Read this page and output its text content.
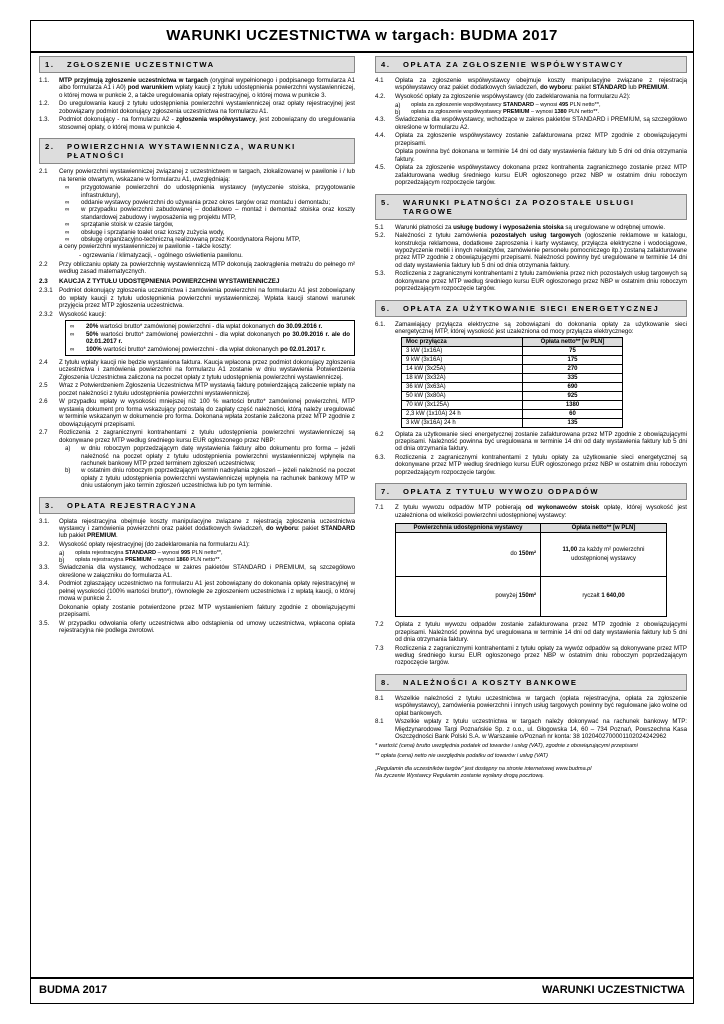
WARUNKI UCZESTNICTWA w targach: BUDMA 2017
1.	ZGŁOSZENIE UCZESTNICTWA
1.1.	MTP przyjmują zgłoszenie uczestnictwa w targach (oryginał wypełnionego i podpisanego formularza A1 albo formularza A1 i A0) pod warunkiem wpłaty kaucji z tytułu udostępnienia powierzchni wystawienniczej, o której mowa w punkcie 2, a także uregulowania opłaty rejestracyjnej, o której mowa w punkcie 3.
1.2.	Do uregulowania kaucji z tytułu udostępnienia powierzchni wystawienniczej oraz opłaty rejestracyjnej jest zobowiązany podmiot dokonujący zgłoszenia uczestnictwa na formularzu A1.
1.3.	Podmiot dokonujący - na formularzu A2 - zgłoszenia współwystawcy, jest zobowiązany do uregulowania stosownej opłaty, o której mowa w punkcie 4.
2.	POWIERZCHNIA WYSTAWIENNICZA, WARUNKI PŁATNOŚCI
2.1	Ceny powierzchni wystawienniczej związanej z uczestnictwem w targach, zlokalizowanej w pawilonie i / lub na terenie otwartym, wskazane w formularzu A1, uwzględniają:
∞	przygotowanie powierzchni do udostępnienia wystawcy (wytyczenie stoiska, przygotowanie infrastruktury),
∞	oddanie wystawcy powierzchni do używania przez okres targów oraz montażu i demontażu;
∞	w przypadku powierzchni zabudowanej – dodatkowo – montaż i demontaż stoiska oraz koszty standardowej zabudowy i wyposażenia wg projektu MTP,
∞	sprzątanie stoisk w czasie targów,
∞	obsługę i sprzątanie toalet oraz koszty zużycia wody,
∞	obsługę organizacyjno-techniczną realizowaną przez Koordynatora Rejonu MTP,
a ceny powierzchni wystawienniczej w pawilonie - także koszty:
- ogrzewania / klimatyzacji, - ogólnego oświetlenia pawilonu.
2.2	Przy obliczaniu opłaty za powierzchnię wystawienniczą MTP dokonują zaokrąglenia metrażu do pełnego m² według zasad matematycznych.
2.3	KAUCJA Z TYTUŁU UDOSTĘPNIENIA POWIERZCHNI WYSTAWIENNICZEJ
2.3.1	Podmiot dokonujący zgłoszenia uczestnictwa i zamówienia powierzchni na formularzu A1 jest zobowiązany do wpłaty kaucji z tytułu udostępnienia powierzchni wystawienniczej. Wpłata kaucji stanowi warunek przyjęcia przez MTP zgłoszenia uczestnictwa.
2.3.2	Wysokość kaucji:
∞	20% wartości brutto* zamówionej powierzchni - dla wpłat dokonanych do 30.09.2016 r.
∞	50% wartości brutto* zamówionej powierzchni - dla wpłat dokonanych po 30.09.2016 r. ale do 02.01.2017 r.
∞	100% wartości brutto* zamówionej powierzchni - dla wpłat dokonanych po 02.01.2017 r.
2.4	Z tytułu wpłaty kaucji nie będzie wystawiona faktura. Kaucja wpłacona przez podmiot dokonujący zgłoszenia uczestnictwa i zamówienia powierzchni na formularzu A1 zostanie w dniu wystawienia Potwierdzenia Zgłoszenia Uczestnictwa zaliczona na poczet opłaty z tytułu udostępnienia powierzchni wystawienniczej.
2.5	Wraz z Potwierdzeniem Zgłoszenia Uczestnictwa MTP wystawią fakturę potwierdzającą zaliczenie wpłaty na poczet należności z tytułu udostępnienia powierzchni wystawienniczej.
2.6	W przypadku wpłaty w wysokości mniejszej niż 100 % wartości brutto* zamówionej powierzchni, MTP wystawią dokument pro forma wskazujący pozostałą do zapłaty część należności, którą należy uregulować w terminie wskazanym w dokumencie pro forma. Dokonana wpłata zostanie zaliczona przez MTP zgodnie z obowiązującymi przepisami.
2.7	Rozliczenia z zagranicznymi kontrahentami z tytułu udostępnienia powierzchni wystawienniczej są dokonywane przez MTP według średniego kursu EUR ogłoszonego przez NBP:
a)	w dniu roboczym poprzedzającym datę wystawienia faktury albo dokumentu pro forma – jeżeli należność na poczet opłaty z tytułu udostępnienia powierzchni wystawienniczej wpłynęła na rachunek bankowy MTP przed terminem zgłoszeń uczestnictwa;
b)	w ostatnim dniu roboczym poprzedzającym termin nadsyłania zgłoszeń – jeżeli należność na poczet opłaty z tytułu udostępnienia powierzchni wystawienniczej wpłynęła na rachunek bankowy MTP w dniu ustalonym jako termin zgłoszeń uczestnictwa lub po tym terminie.
3.	OPŁATA REJESTRACYJNA
3.1.	Opłata rejestracyjna obejmuje koszty manipulacyjne związane z rejestracją zgłoszenia uczestnictwa wystawcy i zamówienia powierzchni oraz pakiet dodatkowych świadczeń, do wyboru: pakiet STANDARD lub pakiet PREMIUM.
3.2.	Wysokość opłaty rejestracyjnej (do zadeklarowania na formularzu A1):
a)	opłata rejestracyjna STANDARD – wynosi 995 PLN netto**,
b)	opłata rejestracyjna PREMIUM – wynosi 1860 PLN netto**.
3.3.	Świadczenia dla wystawcy, wchodzące w zakres pakietów STANDARD i PREMIUM, są szczegółowo określone w załączniku do formularza A1.
3.4.	Podmiot zgłaszający uczestnictwo na formularzu A1 jest zobowiązany do dokonania opłaty rejestracyjnej w pełnej wysokości (100% wartości brutto*), równolegle ze zgłoszeniem uczestnictwa i z wpłatą kaucji, o której mowa w punkcie 2.
Dokonanie opłaty zostanie potwierdzone przez MTP wystawieniem faktury zgodnie z obowiązującymi przepisami.
3.5.	W przypadku odwołania oferty uczestnictwa albo odstąpienia od umowy uczestnictwa, wpłacona opłata rejestracyjna nie podlega zwrotowi.
4.	OPŁATA ZA ZGŁOSZENIE WSPÓŁWYSTAWCY
4.1	Opłata za zgłoszenie współwystawcy obejmuje koszty manipulacyjne związane z rejestracją współwystawcy oraz pakiet dodatkowych świadczeń, do wyboru: pakiet STANDARD lub PREMIUM.
4.2.	Wysokość opłaty za zgłoszenie współwystawcy (do zadeklarowania na formularzu A2):
a)	opłata za zgłoszenie współwystawcy STANDARD – wynosi 495 PLN netto**,
b)	opłata za zgłoszenie współwystawcy PREMIUM – wynosi 1380 PLN netto**.
4.3.	Świadczenia dla współwystawcy, wchodzące w zakres pakietów STANDARD i PREMIUM, są szczegółowo określone w formularzu A2.
4.4.	Opłata za zgłoszenie współwystawcy zostanie zafakturowana przez MTP zgodnie z obowiązującymi przepisami.
Opłata powinna być dokonana w terminie 14 dni od daty wystawienia faktury lub 5 dni od dnia otrzymania faktury.
4.5.	Opłata za zgłoszenie współwystawcy dokonana przez kontrahenta zagranicznego zostanie przez MTP zafakturowana według średniego kursu EUR ogłoszonego przez NBP w ostatnim dniu roboczym poprzedzającym rozpoczęcie targów.
5.	WARUNKI PŁATNOŚCI ZA POZOSTAŁE USŁUGI TARGOWE
5.1	Warunki płatności za usługę budowy i wyposażenia stoiska są uregulowane w odrębnej umowie.
5.2.	Należności z tytułu zamówienia pozostałych usług targowych (ogłoszenie reklamowe w katalogu, konstrukcja reklamowa, dodatkowe zaproszenia i karty wystawcy, przyłącza elektryczne i wodociągowe, wypożyczenie mebli i innych rekwizytów, zamówienie personelu pomocniczego itp.) zostaną zafakturowane przez MTP zgodnie z obowiązującymi przepisami. Należności powinny być uregulowane w terminie 14 dni od daty wystawienia faktury lub 5 dni od dnia otrzymania faktury.
5.3.	Rozliczenia z zagranicznymi kontrahentami z tytułu zamówienia przez nich pozostałych usług targowych są dokonywane przez MTP według średniego kursu EUR ogłoszonego przez NBP w ostatnim dniu roboczym poprzedzającym rozpoczęcie targów.
6.	OPŁATA ZA UŻYTKOWANIE SIECI ENERGETYCZNEJ
6.1.	Zamawiający przyłącza elektryczne są zobowiązani do dokonania opłaty za użytkowanie sieci energetycznej MTP, której wysokość jest uzależniona od mocy przyłącza elektrycznego:
Moc przyłącza	Opłata netto** [w PLN]
3 kW (1x16A)	75
9 kW (3x16A)	175
14 kW (3x25A)	270
18 kW (3x32A)	335
36 kW (3x63A)	690
50 kW (3x80A)	925
70 kW (3x125A)	1380
2,3 kW (1x10A) 24 h	60
3 kW (3x16A) 24 h	135
6.2	Opłata za użytkowanie sieci energetycznej zostanie zafakturowana przez MTP zgodnie z obowiązującymi przepisami. Należność powinna być uregulowana w terminie 14 dni od daty wystawienia faktury lub 5 dni od dnia otrzymania faktury.
6.3.	Rozliczenia z zagranicznymi kontrahentami z tytułu opłaty za użytkowanie sieci energetycznej są dokonywane przez MTP według średniego kursu EUR ogłoszonego przez NBP w ostatnim dniu roboczym poprzedzającym rozpoczęcie targów.
7.	OPŁATA Z TYTUŁU WYWOZU ODPADÓW
7.1	Z tytułu wywozu odpadów MTP pobierają od wykonawców stoisk opłatę, której wysokość jest uzależniona od wielkości powierzchni udostępnionej wystawcy:
Powierzchnia udostępniona wystawcy	Opłata netto** [w PLN]
do 150m²	11,00 za każdy m² powierzchni udostępnionej wystawcy
powyżej 150m²	ryczałt 1 640,00
7.2	Opłata z tytułu wywozu odpadów zostanie zafakturowana przez MTP zgodnie z obowiązującymi przepisami. Należność powinna być uregulowana w terminie 14 dni od daty wystawienia faktury lub 5 dni od dnia otrzymania faktury.
7.3	Rozliczenia z zagranicznymi kontrahentami z tytułu opłaty za wywóz odpadów są dokonywane przez MTP według średniego kursu EUR ogłoszonego przez NBP w ostatnim dniu roboczym poprzedzającym rozpoczęcie targów.
8.	NALEŻNOŚCI A KOSZTY BANKOWE
8.1	Wszelkie należności z tytułu uczestnictwa w targach (opłata rejestracyjna, opłata za zgłoszenie współwystawcy), zamówienia powierzchni i innych usług targowych powinny być regulowane jako wolne od opłat bankowych.
8.1	Wszelkie wpłaty z tytułu uczestnictwa w targach należy dokonywać na rachunek bankowy MTP: Międzynarodowe Targi Poznańskie Sp. z o.o., ul. Głogowska 14, 60 – 734 Poznań, Powszechna Kasa Oszczędności Bank Polski S.A. w Warszawie o/Poznań nr konta: 38 1020402700001102024242962
* wartość (cena) brutto uwzględnia podatek od towarów i usług (VAT), zgodnie z obowiązującymi przepisami
** opłata (cena) netto nie uwzględnia podatku od towarów i usług (VAT)
„Regulamin dla uczestników targów” jest dostępny na stronie internetowej www.budma.pl
Na życzenie Wystawcy Regulamin zostanie wysłany drogą pocztową.
BUDMA 2017	WARUNKI UCZESTNICTWA
